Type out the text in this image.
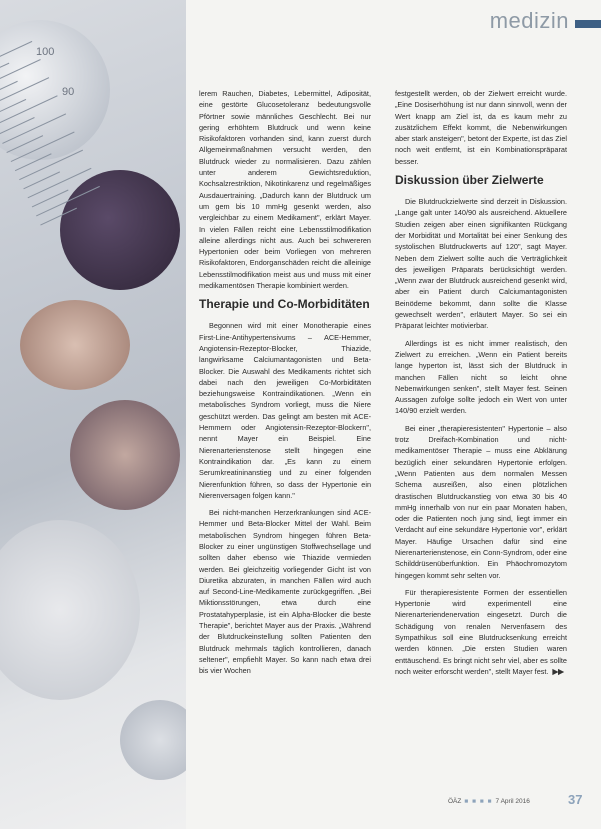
100
90
medizin

lerem Rauchen, Diabetes, Lebermittel, Adiposität, eine gestörte Glucosetoleranz bedeutungsvolle Pförtner sowie männliches Geschlecht. Bei nur gering erhöhtem Blutdruck und wenn keine Risikofaktoren vorhanden sind, kann zuerst durch Allgemeinmaßnahmen versucht werden, den Blutdruck wieder zu normalisieren. Dazu zählen unter anderem Gewichtsreduktion, Kochsalzrestriktion, Nikotinkarenz und regelmäßiges Ausdauertraining. „Dadurch kann der Blutdruck um um gem bis 10 mmHg gesenkt werden, also vergleichbar zu einem Medikament", erklärt Mayer. In vielen Fällen reicht eine Lebensstilmodifikation alleine allerdings nicht aus. Auch bei schwereren Hypertonien oder beim Vorliegen von mehreren Risikofaktoren, Endorganschäden reicht die alleinige Lebensstilmodifikation meist aus und muss mit einer medikamentösen Therapie kombiniert werden.

Therapie und Co-Morbiditäten

Begonnen wird mit einer Monotherapie eines First-Line-Antihypertensivums – ACE-Hemmer, Angiotensin-Rezeptor-Blocker, Thiazide, langwirksame Calciumantagonisten und Beta-Blocker. Die Auswahl des Medikaments richtet sich dabei nach den jeweiligen Co-Morbiditäten beziehungsweise Kontraindikationen. „Wenn ein metabolisches Syndrom vorliegt, muss die Niere geschützt werden. Das gelingt am besten mit ACE-Hemmern oder Angiotensin-Rezeptor-Blockern", nennt Mayer ein Beispiel. Eine Nierenarterienstenose stellt hingegen eine Kontraindikation dar. „Es kann zu einem Serumkreatininanstieg und zu einer folgenden Nierenfunktion führen, so dass der Hypertonie ein Nierenversagen folgen kann."

Bei nicht-manchen Herzerkrankungen sind ACE-Hemmer und Beta-Blocker Mittel der Wahl. Beim metabolischen Syndrom hingegen führen Beta-Blocker zu einer ungünstigen Stoffwechsellage und sollten daher ebenso wie Thiazide vermieden werden. Bei gleichzeitig vorliegender Gicht ist von Diuretika abzuraten, in manchen Fällen wird auch auf Second-Line-Medikamente zurückgegriffen. „Bei Miktionsstörungen, etwa durch eine Prostatahyperplasie, ist ein Alpha-Blocker die beste Therapie", berichtet Mayer aus der Praxis. „Während der Blutdruckeinstellung sollten Patienten den Blutdruck mehrmals täglich kontrollieren, danach seltener", empfiehlt Mayer. So kann nach etwa drei bis vier Wochen

festgestellt werden, ob der Zielwert erreicht wurde. „Eine Dosiserhöhung ist nur dann sinnvoll, wenn der Wert knapp am Ziel ist, da es kaum mehr zu zusätzlichem Effekt kommt, die Nebenwirkungen aber stark ansteigen", betont der Experte, ist das Ziel noch weit entfernt, ist ein Kombinationspräparat besser.

Diskussion über Zielwerte

Die Blutdruckzielwerte sind derzeit in Diskussion. „Lange galt unter 140/90 als ausreichend. Aktuellere Studien zeigen aber einen signifikanten Rückgang der Morbidität und Mortalität bei einer Senkung des systolischen Blutdruckwerts auf 120", sagt Mayer. Neben dem Zielwert sollte auch die Verträglichkeit des jeweiligen Präparats berücksichtigt werden. „Wenn zwar der Blutdruck ausreichend gesenkt wird, aber ein Patient durch Calciumantagonisten Beinödeme bekommt, dann sollte die Klasse gewechselt werden", erläutert Mayer. So sei ein Präparat leichter motivierbar.

Allerdings ist es nicht immer realistisch, den Zielwert zu erreichen. „Wenn ein Patient bereits lange hyperton ist, lässt sich der Blutdruck in manchen Fällen nicht so leicht ohne Nebenwirkungen senken", stellt Mayer fest. Seinen Aussagen zufolge sollte jedoch ein Wert von unter 140/90 erzielt werden.

Bei einer „therapieresistenten" Hypertonie – also trotz Dreifach-Kombination und nicht-medikamentöser Therapie – muss eine Abklärung bezüglich einer sekundären Hypertonie erfolgen. „Wenn Patienten aus dem normalen Messen Schema ausreißen, also einen plötzlichen drastischen Blutdruckanstieg von etwa 30 bis 40 mmHg innerhalb von nur ein paar Monaten haben, oder die Patienten noch jung sind, liegt immer ein Verdacht auf eine sekundäre Hypertonie vor", erklärt Mayer. Häufige Ursachen dafür sind eine Nierenarterienstenose, ein Conn-Syndrom, oder eine Schilddrüsenüberfunktion. Ein Phäochromozytom hingegen kommt sehr selten vor.

Für therapieresistente Formen der essentiellen Hypertonie wird experimentell eine Nierenarteriendenervation eingesetzt. Durch die Schädigung von renalen Nervenfasern des Sympathikus soll eine Blutdrucksenkung erreicht werden können. „Die ersten Studien waren enttäuschend. Es bringt nicht sehr viel, aber es sollte noch weiter erforscht werden", stellt Mayer fest. ▶▶

ÖÄZ ■ ■ ■ ■ 7 April 2016	37
